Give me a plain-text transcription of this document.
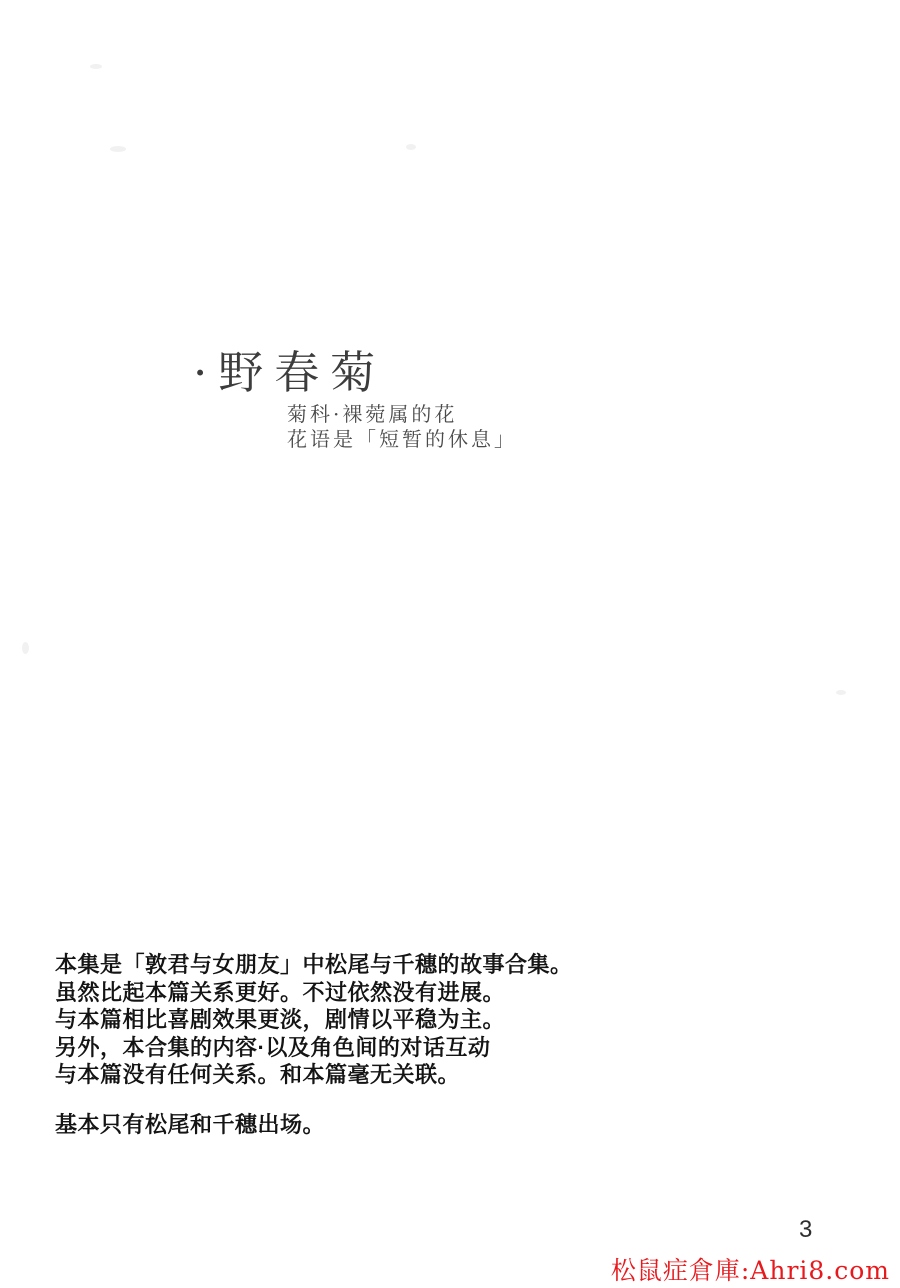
·野春菊
菊科·裸菀属的花
花语是「短暂的休息」
本集是「敦君与女朋友」中松尾与千穗的故事合集。
虽然比起本篇关系更好。不过依然没有进展。
与本篇相比喜剧效果更淡，剧情以平稳为主。
另外，本合集的内容·以及角色间的对话互动
与本篇没有任何关系。和本篇毫无关联。
基本只有松尾和千穗出场。
3
松鼠症倉庫:Ahri8.com
